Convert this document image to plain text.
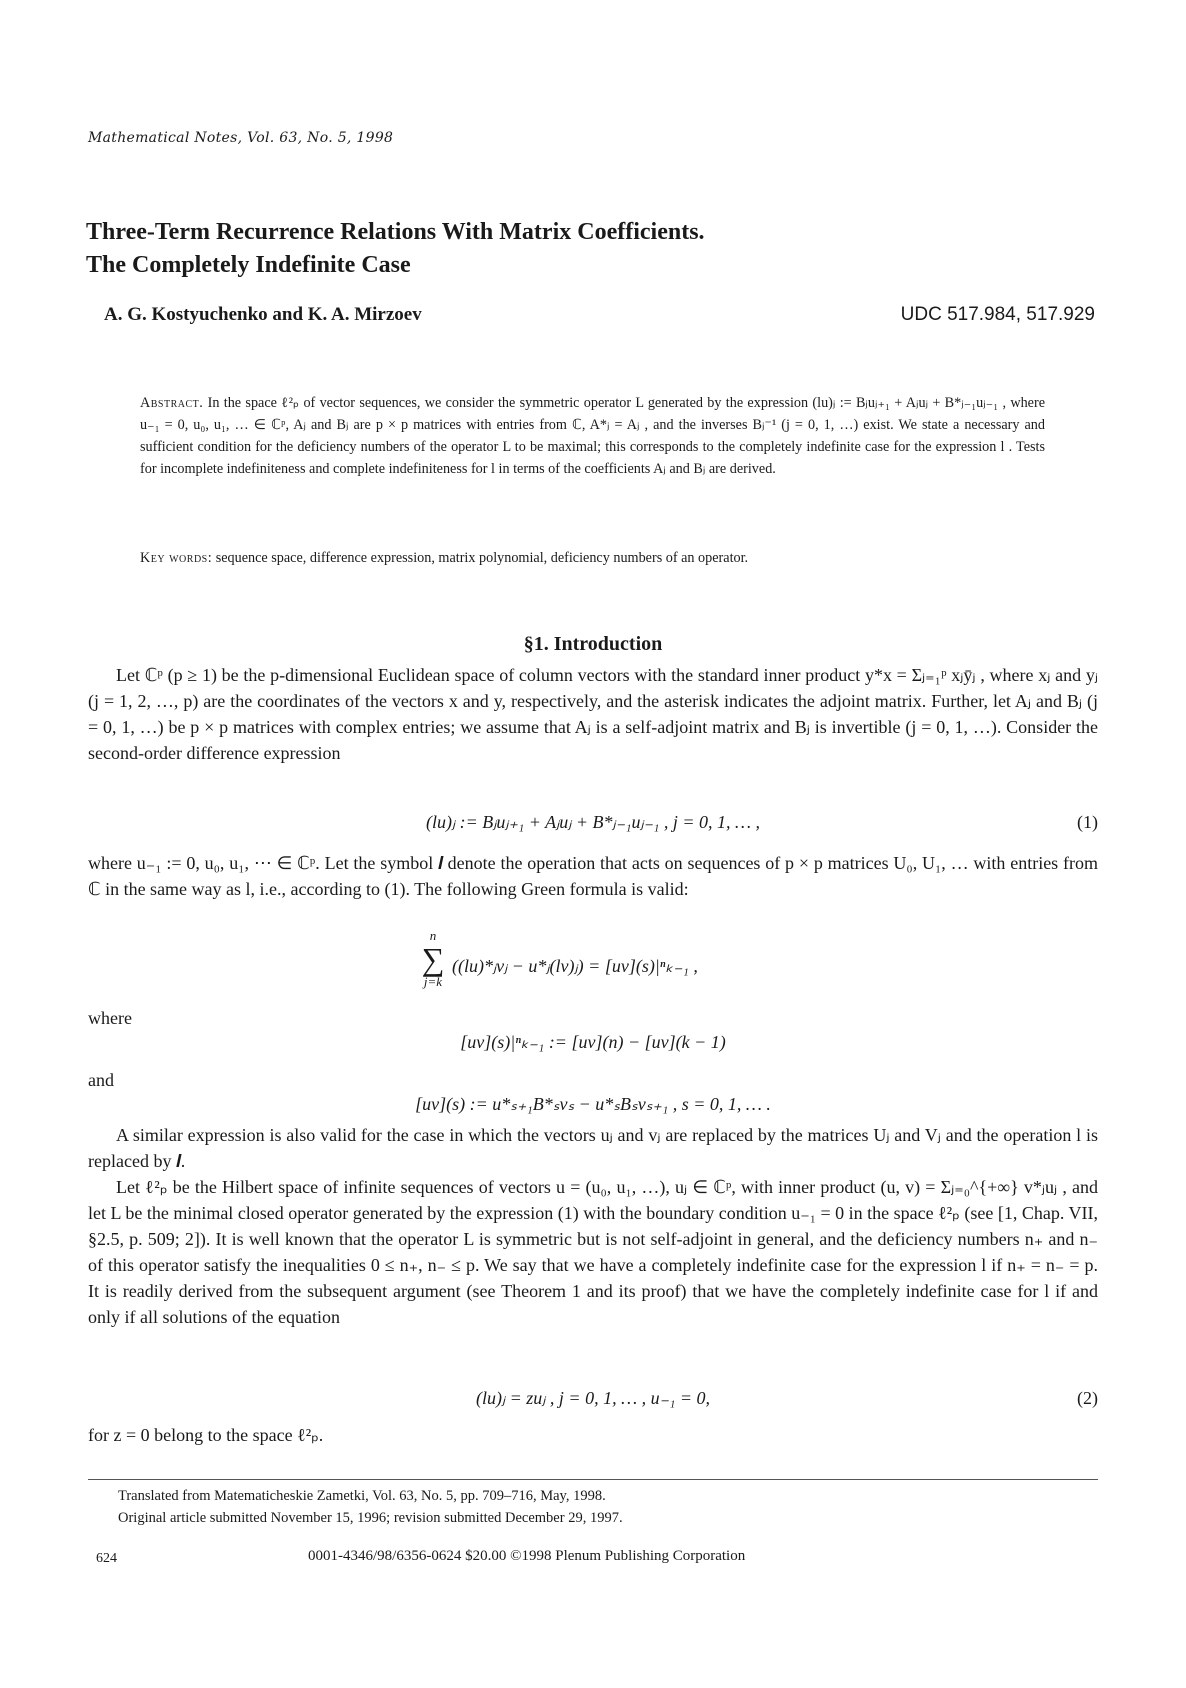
Mathematical Notes, Vol. 63, No. 5, 1998
Three-Term Recurrence Relations With Matrix Coefficients.
The Completely Indefinite Case
A. G. Kostyuchenko and K. A. Mirzoev	UDC 517.984, 517.929
Abstract. In the space ℓ²ₚ of vector sequences, we consider the symmetric operator L generated by the expression (lu)ⱼ := Bⱼuⱼ₊₁ + Aⱼuⱼ + B*ⱼ₋₁uⱼ₋₁ , where u₋₁ = 0, u₀, u₁, … ∈ ℂᵖ, Aⱼ and Bⱼ are p × p matrices with entries from ℂ, A*ⱼ = Aⱼ , and the inverses Bⱼ⁻¹ (j = 0, 1, …) exist. We state a necessary and sufficient condition for the deficiency numbers of the operator L to be maximal; this corresponds to the completely indefinite case for the expression l . Tests for incomplete indefiniteness and complete indefiniteness for l in terms of the coefficients Aⱼ and Bⱼ are derived.
Key words: sequence space, difference expression, matrix polynomial, deficiency numbers of an operator.
§1. Introduction
Let ℂᵖ (p ≥ 1) be the p-dimensional Euclidean space of column vectors with the standard inner product y*x = Σⱼ₌₁ᵖ xⱼȳⱼ , where xⱼ and yⱼ (j = 1, 2, …, p) are the coordinates of the vectors x and y, respectively, and the asterisk indicates the adjoint matrix. Further, let Aⱼ and Bⱼ (j = 0, 1, …) be p × p matrices with complex entries; we assume that Aⱼ is a self-adjoint matrix and Bⱼ is invertible (j = 0, 1, …). Consider the second-order difference expression
(lu)ⱼ := Bⱼuⱼ₊₁ + Aⱼuⱼ + B*ⱼ₋₁uⱼ₋₁ , j = 0, 1, … ,	(1)
where u₋₁ := 0, u₀, u₁, ⋯ ∈ ℂᵖ. Let the symbol 𝒍 denote the operation that acts on sequences of p × p matrices U₀, U₁, … with entries from ℂ in the same way as l, i.e., according to (1). The following Green formula is valid:
n
∑
j=k
((lu)*ⱼvⱼ − u*ⱼ(lv)ⱼ) = [uv](s)|ⁿₖ₋₁ ,
where
[uv](s)|ⁿₖ₋₁ := [uv](n) − [uv](k − 1)
and
[uv](s) := u*ₛ₊₁B*ₛvₛ − u*ₛBₛvₛ₊₁ , s = 0, 1, … .
A similar expression is also valid for the case in which the vectors uⱼ and vⱼ are replaced by the matrices Uⱼ and Vⱼ and the operation l is replaced by 𝒍.
Let ℓ²ₚ be the Hilbert space of infinite sequences of vectors u = (u₀, u₁, …), uⱼ ∈ ℂᵖ, with inner product (u, v) = Σⱼ₌₀^{+∞} v*ⱼuⱼ , and let L be the minimal closed operator generated by the expression (1) with the boundary condition u₋₁ = 0 in the space ℓ²ₚ (see [1, Chap. VII, §2.5, p. 509; 2]). It is well known that the operator L is symmetric but is not self-adjoint in general, and the deficiency numbers n₊ and n₋ of this operator satisfy the inequalities 0 ≤ n₊, n₋ ≤ p. We say that we have a completely indefinite case for the expression l if n₊ = n₋ = p. It is readily derived from the subsequent argument (see Theorem 1 and its proof) that we have the completely indefinite case for l if and only if all solutions of the equation
(lu)ⱼ = zuⱼ , j = 0, 1, … , u₋₁ = 0,	(2)
for z = 0 belong to the space ℓ²ₚ.
Translated from Matematicheskie Zametki, Vol. 63, No. 5, pp. 709–716, May, 1998.
Original article submitted November 15, 1996; revision submitted December 29, 1997.
624	0001-4346/98/6356-0624 $20.00 ©1998 Plenum Publishing Corporation
